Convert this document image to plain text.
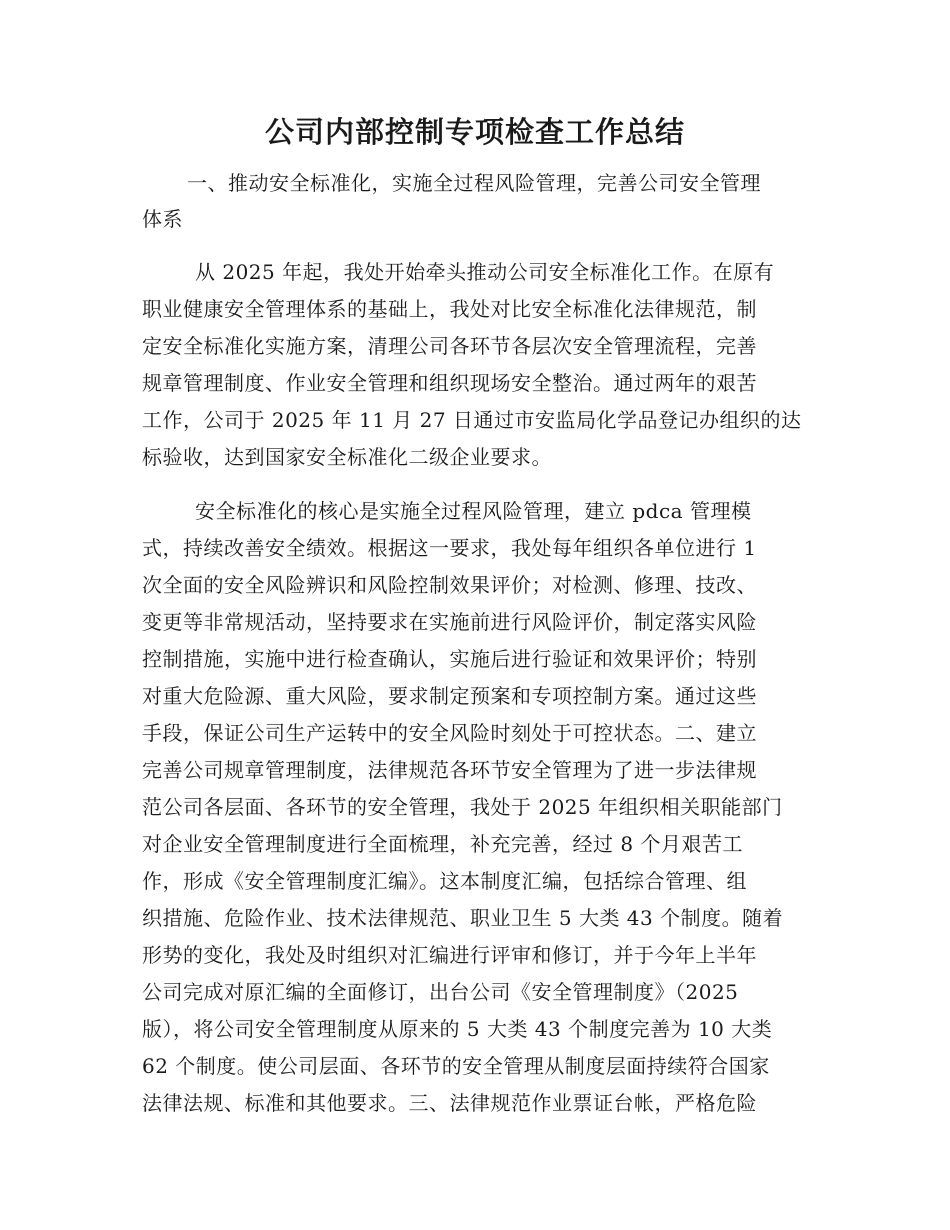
公司内部控制专项检查工作总结
一、推动安全标准化，实施全过程风险管理，完善公司安全管理
体系
从 2025 年起，我处开始牵头推动公司安全标准化工作。在原有
职业健康安全管理体系的基础上，我处对比安全标准化法律规范，制
定安全标准化实施方案，清理公司各环节各层次安全管理流程，完善
规章管理制度、作业安全管理和组织现场安全整治。通过两年的艰苦
工作，公司于 2025 年 11 月 27 日通过市安监局化学品登记办组织的达
标验收，达到国家安全标准化二级企业要求。
安全标准化的核心是实施全过程风险管理，建立 pdca 管理模
式，持续改善安全绩效。根据这一要求，我处每年组织各单位进行 1
次全面的安全风险辨识和风险控制效果评价；对检测、修理、技改、
变更等非常规活动，坚持要求在实施前进行风险评价，制定落实风险
控制措施，实施中进行检查确认，实施后进行验证和效果评价；特别
对重大危险源、重大风险，要求制定预案和专项控制方案。通过这些
手段，保证公司生产运转中的安全风险时刻处于可控状态。二、建立
完善公司规章管理制度，法律规范各环节安全管理为了进一步法律规
范公司各层面、各环节的安全管理，我处于 2025 年组织相关职能部门
对企业安全管理制度进行全面梳理，补充完善，经过 8 个月艰苦工
作，形成《安全管理制度汇编》。这本制度汇编，包括综合管理、组
织措施、危险作业、技术法律规范、职业卫生 5 大类 43 个制度。随着
形势的变化，我处及时组织对汇编进行评审和修订，并于今年上半年
公司完成对原汇编的全面修订，出台公司《安全管理制度》（2025
版），将公司安全管理制度从原来的 5 大类 43 个制度完善为 10 大类
62 个制度。使公司层面、各环节的安全管理从制度层面持续符合国家
法律法规、标准和其他要求。三、法律规范作业票证台帐，严格危险
